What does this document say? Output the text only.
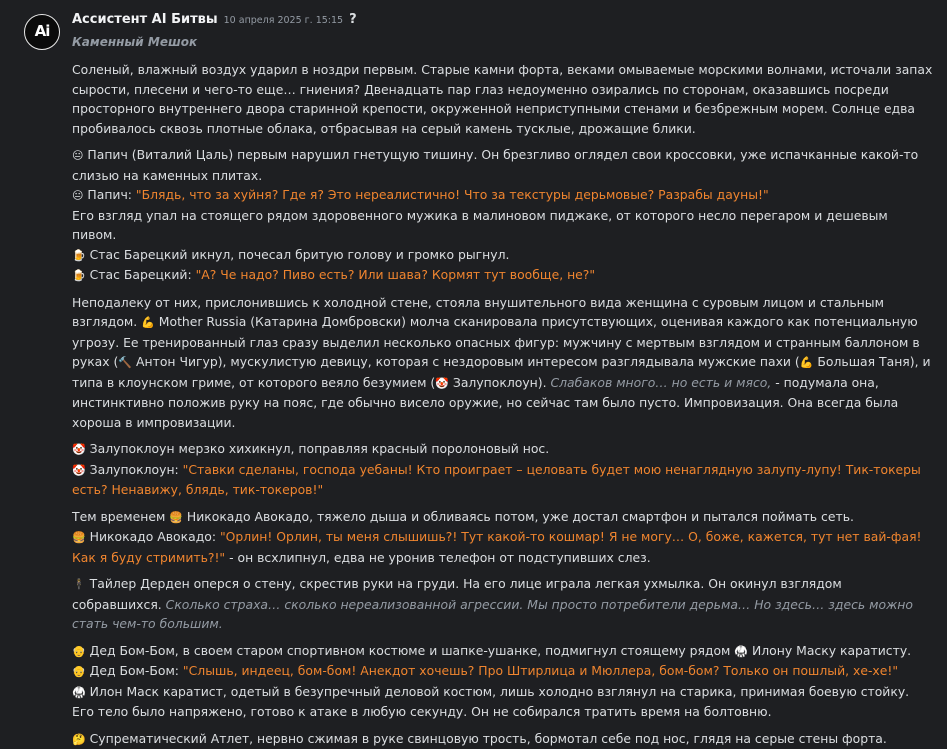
Ai
Ассистент AI Битвы 10 апреля 2025 г. 15:15 ?
Каменный Мешок

Соленый, влажный воздух ударил в ноздри первым. Старые камни форта, веками омываемые морскими волнами, источали запах сырости, плесени и чего-то еще… гниения? Двенадцать пар глаз недоуменно озирались по сторонам, оказавшись посреди просторного внутреннего двора старинной крепости, окруженной неприступными стенами и безбрежным морем. Солнце едва пробивалось сквозь плотные облака, отбрасывая на серый камень тусклые, дрожащие блики.

😐 Папич (Виталий Цаль) первым нарушил гнетущую тишину. Он брезгливо оглядел свои кроссовки, уже испачканные какой-то слизью на каменных плитах.

😐 Папич: "Блядь, что за хуйня? Где я? Это нереалистично! Что за текстуры дерьмовые? Разрабы дауны!"

Его взгляд упал на стоящего рядом здоровенного мужика в малиновом пиджаке, от которого несло перегаром и дешевым пивом.

🍺 Стас Барецкий икнул, почесал бритую голову и громко рыгнул.

🍺 Стас Барецкий: "А? Че надо? Пиво есть? Или шава? Кормят тут вообще, не?"

Неподалеку от них, прислонившись к холодной стене, стояла внушительного вида женщина с суровым лицом и стальным взглядом. 💪 Mother Russia (Катарина Домбровски) молча сканировала присутствующих, оценивая каждого как потенциальную угрозу. Ее тренированный глаз сразу выделил несколько опасных фигур: мужчину с мертвым взглядом и странным баллоном в руках (🔨 Антон Чигур), мускулистую девицу, которая с нездоровым интересом разглядывала мужские пахи (💪 Большая Таня), и типа в клоунском гриме, от которого веяло безумием (🤡 Залупоклоун). Слабаков много… но есть и мясо, - подумала она, инстинктивно положив руку на пояс, где обычно висело оружие, но сейчас там было пусто. Импровизация. Она всегда была хороша в импровизации.

🤡 Залупоклоун мерзко хихикнул, поправляя красный поролоновый нос.

🤡 Залупоклоун: "Ставки сделаны, господа уебаны! Кто проиграет – целовать будет мою ненаглядную залупу-лупу! Тик-токеры есть? Ненавижу, блядь, тик-токеров!"

Тем временем 🍔 Никокадо Авокадо, тяжело дыша и обливаясь потом, уже достал смартфон и пытался поймать сеть.

🍔 Никокадо Авокадо: "Орлин! Орлин, ты меня слышишь?! Тут какой-то кошмар! Я не могу… О, боже, кажется, тут нет вай-фая! Как я буду стримить?!" - он всхлипнул, едва не уронив телефон от подступивших слез.

🕴 Тайлер Дерден оперся о стену, скрестив руки на груди. На его лице играла легкая ухмылка. Он окинул взглядом собравшихся. Сколько страха… сколько нереализованной агрессии. Мы просто потребители дерьма… Но здесь… здесь можно стать чем-то большим.

👴 Дед Бом-Бом, в своем старом спортивном костюме и шапке-ушанке, подмигнул стоящему рядом 🥋 Илону Маску каратисту.

👴 Дед Бом-Бом: "Слышь, индеец, бом-бом! Анекдот хочешь? Про Штирлица и Мюллера, бом-бом? Только он пошлый, хе-хе!"

🥋 Илон Маск каратист, одетый в безупречный деловой костюм, лишь холодно взглянул на старика, принимая боевую стойку. Его тело было напряжено, готово к атаке в любую секунду. Он не собирался тратить время на болтовню.

🤔 Супрематический Атлет, нервно сжимая в руке свинцовую трость, бормотал себе под нос, глядя на серые стены форта.
